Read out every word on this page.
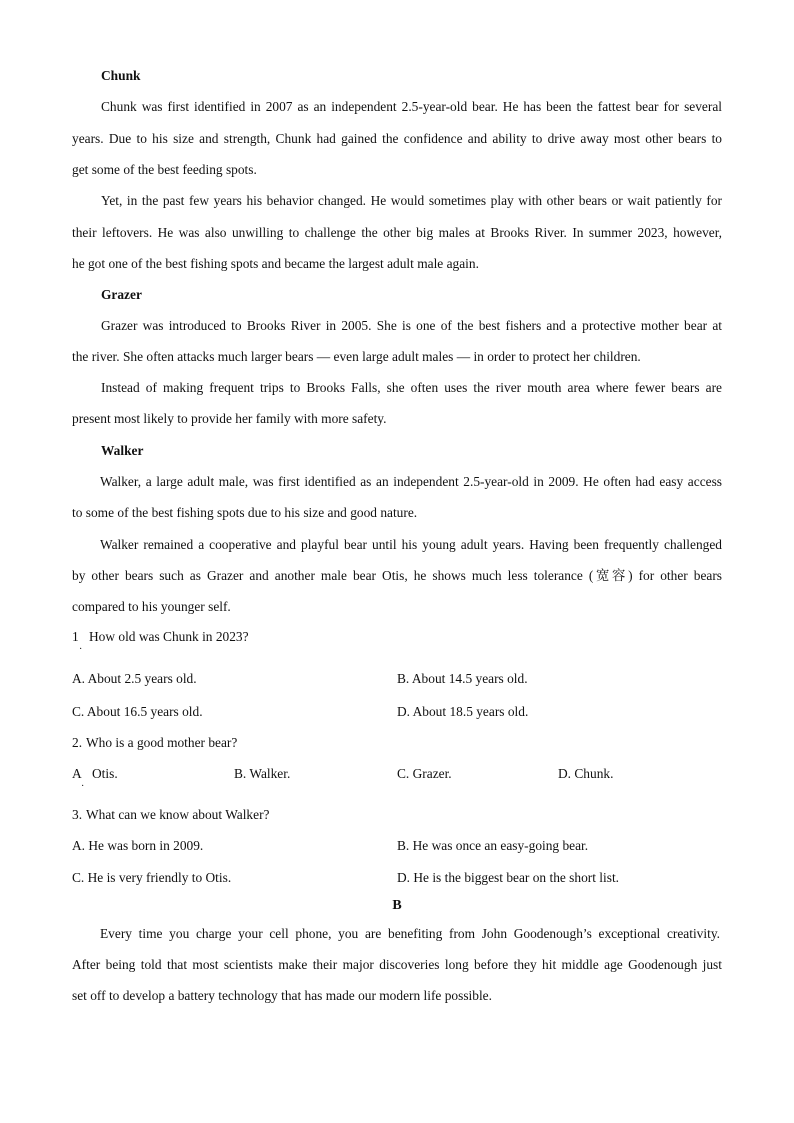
Chunk
Chunk was first identified in 2007 as an independent 2.5-year-old bear. He has been the fattest bear for several
years. Due to his size and strength, Chunk had gained the confidence and ability to drive away most other bears to
get some of the best feeding spots.
Yet, in the past few years his behavior changed. He would sometimes play with other bears or wait patiently for
their leftovers. He was also unwilling to challenge the other big males at Brooks River. In summer 2023, however,
he got one of the best fishing spots and became the largest adult male again.
Grazer
Grazer was introduced to Brooks River in 2005. She is one of the best fishers and a protective mother bear at
the river. She often attacks much larger bears — even large adult males — in order to protect her children.
Instead of making frequent trips to Brooks Falls, she often uses the river mouth area where fewer bears are
present most likely to provide her family with more safety.
Walker
Walker, a large adult male, was first identified as an independent 2.5-year-old in 2009. He often had easy access
to some of the best fishing spots due to his size and good nature.
Walker remained a cooperative and playful bear until his young adult years. Having been frequently challenged
by other bears such as Grazer and another male bear Otis, he shows much less tolerance (宽容) for other bears
compared to his younger self.
1 How old was Chunk in 2023?
·
A. About 2.5 years old.	B. About 14.5 years old.
C. About 16.5 years old.	D. About 18.5 years old.
2. Who is a good mother bear?
A
·
Otis.	B. Walker.	C. Grazer.	D. Chunk.
3. What can we know about Walker?
A. He was born in 2009.	B. He was once an easy-going bear.
C. He is very friendly to Otis.	D. He is the biggest bear on the short list.
B
Every time you charge your cell phone, you are benefiting from John Goodenough’s exceptional creativity.
After being told that most scientists make their major discoveries long before they hit middle age Goodenough just
set off to develop a battery technology that has made our modern life possible.
